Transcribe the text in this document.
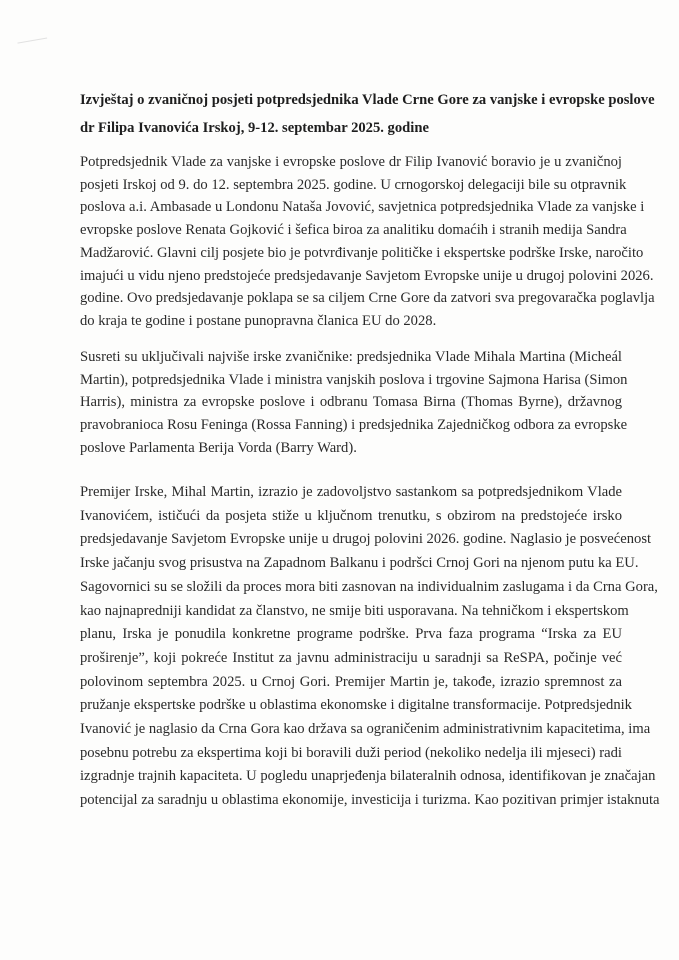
Izvještaj o zvaničnoj posjeti potpredsjednika Vlade Crne Gore za vanjske i evropske poslove
dr Filipa Ivanovića Irskoj, 9-12. septembar 2025. godine
Potpredsjednik Vlade za vanjske i evropske poslove dr Filip Ivanović boravio je u zvaničnoj
posjeti Irskoj od 9. do 12. septembra 2025. godine. U crnogorskoj delegaciji bile su otpravnik
poslova a.i. Ambasade u Londonu Nataša Jovović, savjetnica potpredsjednika Vlade za vanjske i
evropske poslove Renata Gojković i šefica biroa za analitiku domaćih i stranih medija Sandra
Madžarović. Glavni cilj posjete bio je potvrđivanje političke i ekspertske podrške Irske, naročito
imajući u vidu njeno predstojeće predsjedavanje Savjetom Evropske unije u drugoj polovini 2026.
godine. Ovo predsjedavanje poklapa se sa ciljem Crne Gore da zatvori sva pregovaračka poglavlja
do kraja te godine i postane punopravna članica EU do 2028.
Susreti su uključivali najviše irske zvaničnike: predsjednika Vlade Mihala Martina (Micheál
Martin), potpredsjednika Vlade i ministra vanjskih poslova i trgovine Sajmona Harisa (Simon
Harris), ministra za evropske poslove i odbranu Tomasa Birna (Thomas Byrne), državnog
pravobranioca Rosu Feninga (Rossa Fanning) i predsjednika Zajedničkog odbora za evropske
poslove Parlamenta Berija Vorda (Barry Ward).
Premijer Irske, Mihal Martin, izrazio je zadovoljstvo sastankom sa potpredsjednikom Vlade
Ivanovićem, ističući da posjeta stiže u ključnom trenutku, s obzirom na predstojeće irsko
predsjedavanje Savjetom Evropske unije u drugoj polovini 2026. godine. Naglasio je posvećenost
Irske jačanju svog prisustva na Zapadnom Balkanu i podršci Crnoj Gori na njenom putu ka EU.
Sagovornici su se složili da proces mora biti zasnovan na individualnim zaslugama i da Crna Gora,
kao najnapredniji kandidat za članstvo, ne smije biti usporavana. Na tehničkom i ekspertskom
planu, Irska je ponudila konkretne programe podrške. Prva faza programa “Irska za EU
proširenje”, koji pokreće Institut za javnu administraciju u saradnji sa ReSPA, počinje već
polovinom septembra 2025. u Crnoj Gori. Premijer Martin je, takođe, izrazio spremnost za
pružanje ekspertske podrške u oblastima ekonomske i digitalne transformacije. Potpredsjednik
Ivanović je naglasio da Crna Gora kao država sa ograničenim administrativnim kapacitetima, ima
posebnu potrebu za ekspertima koji bi boravili duži period (nekoliko nedelja ili mjeseci) radi
izgradnje trajnih kapaciteta. U pogledu unaprjeđenja bilateralnih odnosa, identifikovan je značajan
potencijal za saradnju u oblastima ekonomije, investicija i turizma. Kao pozitivan primjer istaknuta
